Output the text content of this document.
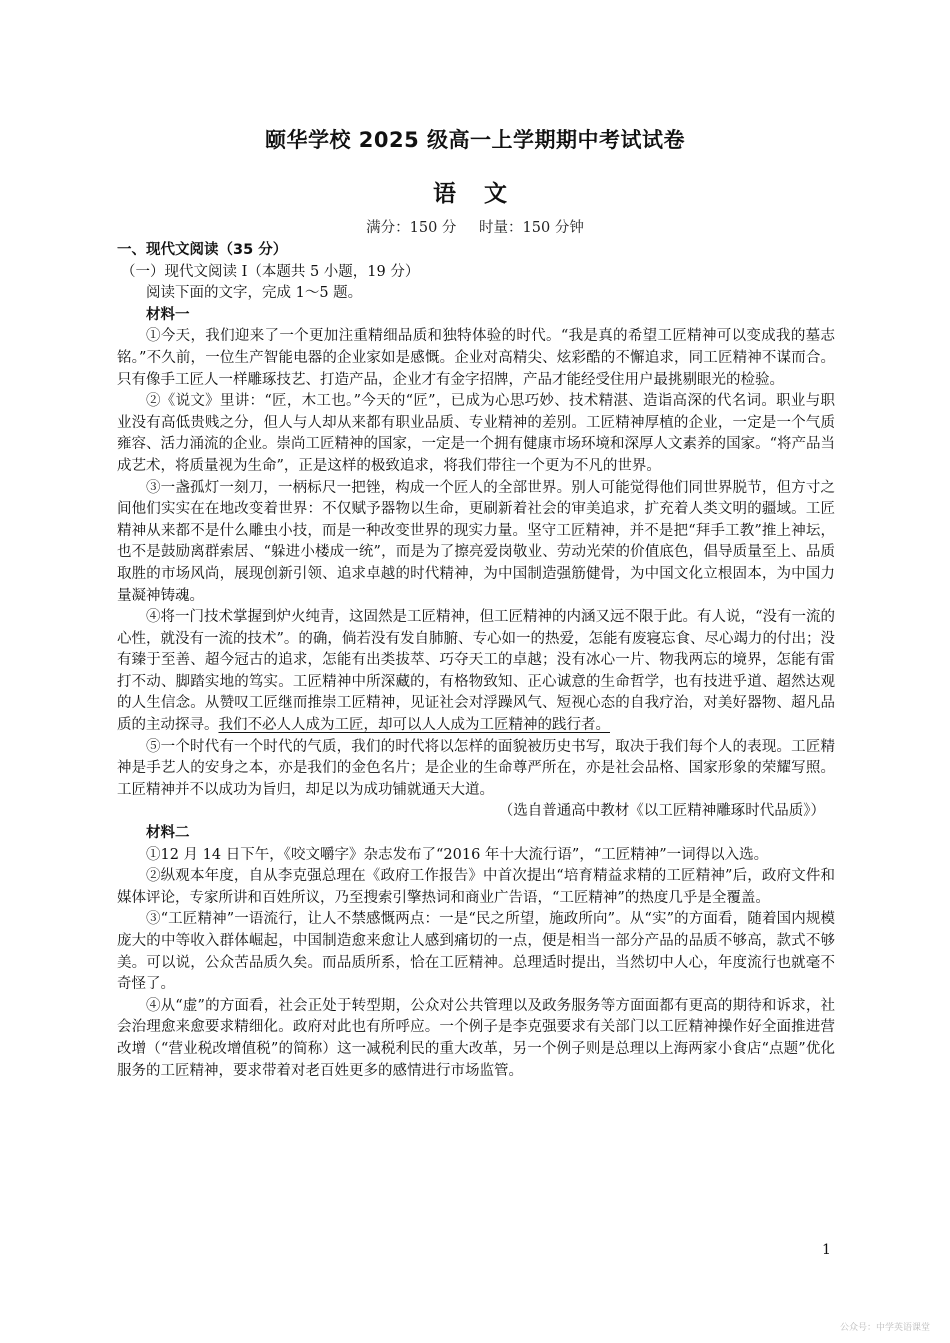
颐华学校 2025 级高一上学期期中考试试卷
语 文
满分：150 分 时量：150 分钟
一、现代文阅读（35 分）
（一）现代文阅读 I（本题共 5 小题，19 分）
阅读下面的文字，完成 1～5 题。
材料一

①今天，我们迎来了一个更加注重精细品质和独特体验的时代。“我是真的希望工匠精神可以变成我的墓志铭。”不久前，一位生产智能电器的企业家如是感慨。企业对高精尖、炫彩酷的不懈追求，同工匠精神不谋而合。只有像手工匠人一样雕琢技艺、打造产品，企业才有金字招牌，产品才能经受住用户最挑剔眼光的检验。

②《说文》里讲：“匠，木工也。”今天的“匠”，已成为心思巧妙、技术精湛、造诣高深的代名词。职业与职业没有高低贵贱之分，但人与人却从来都有职业品质、专业精神的差别。工匠精神厚植的企业，一定是一个气质雍容、活力涌流的企业。崇尚工匠精神的国家，一定是一个拥有健康市场环境和深厚人文素养的国家。“将产品当成艺术，将质量视为生命”，正是这样的极致追求，将我们带往一个更为不凡的世界。

③一盏孤灯一刻刀，一柄标尺一把锉，构成一个匠人的全部世界。别人可能觉得他们同世界脱节，但方寸之间他们实实在在地改变着世界：不仅赋予器物以生命，更刷新着社会的审美追求，扩充着人类文明的疆域。工匠精神从来都不是什么雕虫小技，而是一种改变世界的现实力量。坚守工匠精神，并不是把“拜手工教”推上神坛，也不是鼓励离群索居、“躲进小楼成一统”，而是为了擦亮爱岗敬业、劳动光荣的价值底色，倡导质量至上、品质取胜的市场风尚，展现创新引领、追求卓越的时代精神，为中国制造强筋健骨，为中国文化立根固本，为中国力量凝神铸魂。

④将一门技术掌握到炉火纯青，这固然是工匠精神，但工匠精神的内涵又远不限于此。有人说，“没有一流的心性，就没有一流的技术”。的确，倘若没有发自肺腑、专心如一的热爱，怎能有废寝忘食、尽心竭力的付出；没有臻于至善、超今冠古的追求，怎能有出类拔萃、巧夺天工的卓越；没有冰心一片、物我两忘的境界，怎能有雷打不动、脚踏实地的笃实。工匠精神中所深藏的，有格物致知、正心诚意的生命哲学，也有技进乎道、超然达观的人生信念。从赞叹工匠继而推崇工匠精神，见证社会对浮躁风气、短视心态的自我疗治，对美好器物、超凡品质的主动探寻。我们不必人人成为工匠，却可以人人成为工匠精神的践行者。

⑤一个时代有一个时代的气质，我们的时代将以怎样的面貌被历史书写，取决于我们每个人的表现。工匠精神是手艺人的安身之本，亦是我们的金色名片；是企业的生命尊严所在，亦是社会品格、国家形象的荣耀写照。工匠精神并不以成功为旨归，却足以为成功铺就通天大道。

（选自普通高中教材《以工匠精神雕琢时代品质》）
材料二

①12 月 14 日下午，《咬文嚼字》杂志发布了“2016 年十大流行语”，“工匠精神”一词得以入选。

②纵观本年度，自从李克强总理在《政府工作报告》中首次提出“培育精益求精的工匠精神”后，政府文件和媒体评论，专家所讲和百姓所议，乃至搜索引擎热词和商业广告语，“工匠精神”的热度几乎是全覆盖。

③“工匠精神”一语流行，让人不禁感慨两点：一是“民之所望，施政所向”。从“实”的方面看，随着国内规模庞大的中等收入群体崛起，中国制造愈来愈让人感到痛切的一点，便是相当一部分产品的品质不够高，款式不够美。可以说，公众苦品质久矣。而品质所系，恰在工匠精神。总理适时提出，当然切中人心，年度流行也就毫不奇怪了。

④从“虚”的方面看，社会正处于转型期，公众对公共管理以及政务服务等方面面都有更高的期待和诉求，社会治理愈来愈要求精细化。政府对此也有所呼应。一个例子是李克强要求有关部门以工匠精神操作好全面推进营改增（“营业税改增值税”的简称）这一减税利民的重大改革，另一个例子则是总理以上海两家小食店“点题”优化服务的工匠精神，要求带着对老百姓更多的感情进行市场监管。

1
公众号：中学英语课堂
